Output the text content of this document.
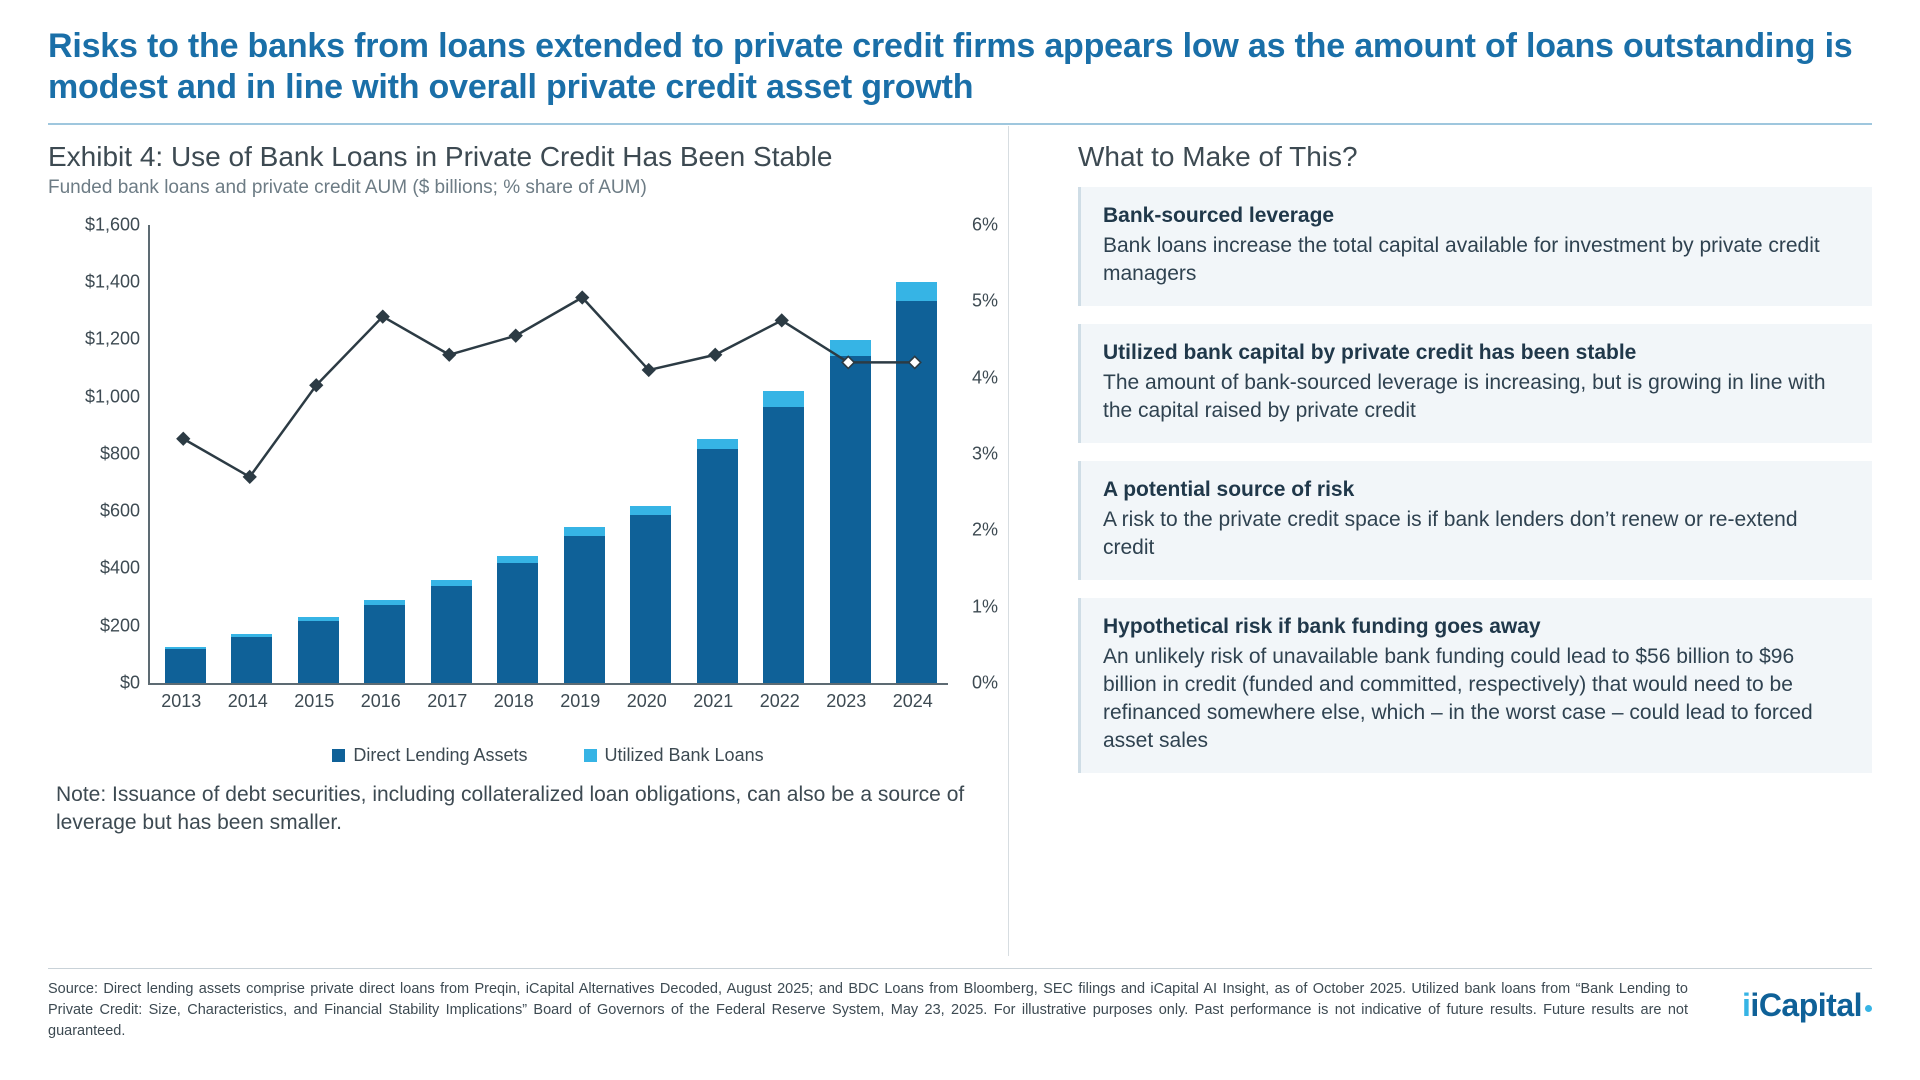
Risks to the banks from loans extended to private credit firms appears low as the amount of loans outstanding is modest and in line with overall private credit asset growth
Exhibit 4: Use of Bank Loans in Private Credit Has Been Stable
Funded bank loans and private credit AUM ($ billions; % share of AUM)
$0
$200
$400
$600
$800
$1,000
$1,200
$1,400
$1,600
0%
1%
2%
3%
4%
5%
6%
2013 2014 2015 2016 2017 2018 2019 2020 2021 2022 2023 2024
Direct Lending Assets	Utilized Bank Loans
Note: Issuance of debt securities, including collateralized loan obligations, can also be a source of leverage but has been smaller.
What to Make of This?

Bank-sourced leverage

Bank loans increase the total capital available for investment by private credit managers

Utilized bank capital by private credit has been stable

The amount of bank-sourced leverage is increasing, but is growing in line with the capital raised by private credit

A potential source of risk

A risk to the private credit space is if bank lenders don’t renew or re-extend credit

Hypothetical risk if bank funding goes away

An unlikely risk of unavailable bank funding could lead to $56 billion to $96 billion in credit (funded and committed, respectively) that would need to be refinanced somewhere else, which – in the worst case – could lead to forced asset sales

Source: Direct lending assets comprise private direct loans from Preqin, iCapital Alternatives Decoded, August 2025; and BDC Loans from Bloomberg, SEC filings and iCapital AI Insight, as of October 2025. Utilized bank loans from “Bank Lending to Private Credit: Size, Characteristics, and Financial Stability Implications” Board of Governors of the Federal Reserve System, May 23, 2025. For illustrative purposes only. Past performance is not indicative of future results. Future results are not guaranteed.
iiCapital
